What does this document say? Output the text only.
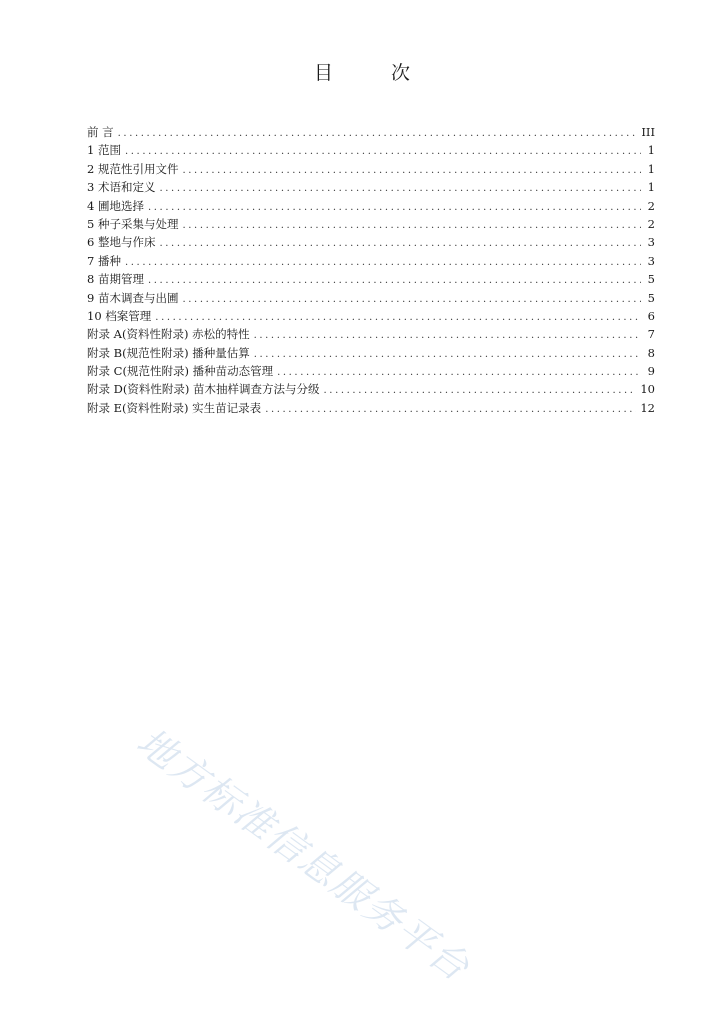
目 次
前 言 .....	III
1 范围 .....	1
2 规范性引用文件 .....	1
3 术语和定义 .....	1
4 圃地选择 .....	2
5 种子采集与处理 .....	2
6 整地与作床 .....	3
7 播种 .....	3
8 苗期管理 .....	5
9 苗木调查与出圃 .....	5
10 档案管理 .....	6
附录 A(资料性附录) 赤松的特性 .....	7
附录 B(规范性附录) 播种量估算 .....	8
附录 C(规范性附录) 播种苗动态管理 .....	9
附录 D(资料性附录) 苗木抽样调查方法与分级 .....	10
附录 E(资料性附录) 实生苗记录表 .....	12
地方标准信息服务平台
